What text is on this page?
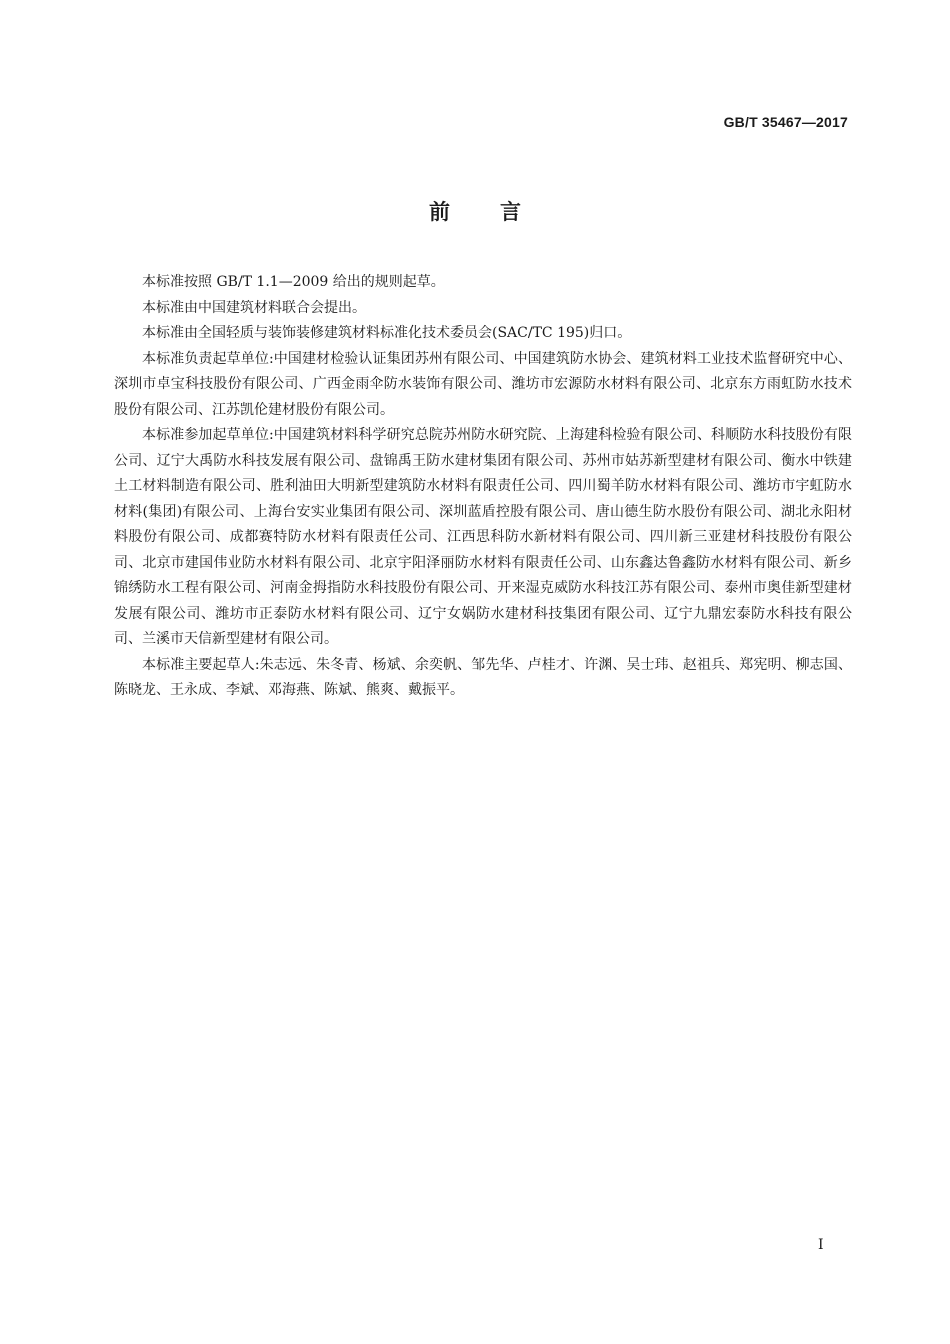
GB/T 35467—2017
前言

本标准按照 GB/T 1.1—2009 给出的规则起草。

本标准由中国建筑材料联合会提出。

本标准由全国轻质与装饰装修建筑材料标准化技术委员会(SAC/TC 195)归口。

本标准负责起草单位:中国建材检验认证集团苏州有限公司、中国建筑防水协会、建筑材料工业技术监督研究中心、深圳市卓宝科技股份有限公司、广西金雨伞防水装饰有限公司、潍坊市宏源防水材料有限公司、北京东方雨虹防水技术股份有限公司、江苏凯伦建材股份有限公司。

本标准参加起草单位:中国建筑材料科学研究总院苏州防水研究院、上海建科检验有限公司、科顺防水科技股份有限公司、辽宁大禹防水科技发展有限公司、盘锦禹王防水建材集团有限公司、苏州市姑苏新型建材有限公司、衡水中铁建土工材料制造有限公司、胜利油田大明新型建筑防水材料有限责任公司、四川蜀羊防水材料有限公司、潍坊市宇虹防水材料(集团)有限公司、上海台安实业集团有限公司、深圳蓝盾控股有限公司、唐山德生防水股份有限公司、湖北永阳材料股份有限公司、成都赛特防水材料有限责任公司、江西思科防水新材料有限公司、四川新三亚建材科技股份有限公司、北京市建国伟业防水材料有限公司、北京宇阳泽丽防水材料有限责任公司、山东鑫达鲁鑫防水材料有限公司、新乡锦绣防水工程有限公司、河南金拇指防水科技股份有限公司、开来湿克威防水科技江苏有限公司、泰州市奥佳新型建材发展有限公司、潍坊市正泰防水材料有限公司、辽宁女娲防水建材科技集团有限公司、辽宁九鼎宏泰防水科技有限公司、兰溪市天信新型建材有限公司。

本标准主要起草人:朱志远、朱冬青、杨斌、余奕帆、邹先华、卢桂才、许渊、吴士玮、赵祖兵、郑宪明、柳志国、陈晓龙、王永成、李斌、邓海燕、陈斌、熊爽、戴振平。

I
